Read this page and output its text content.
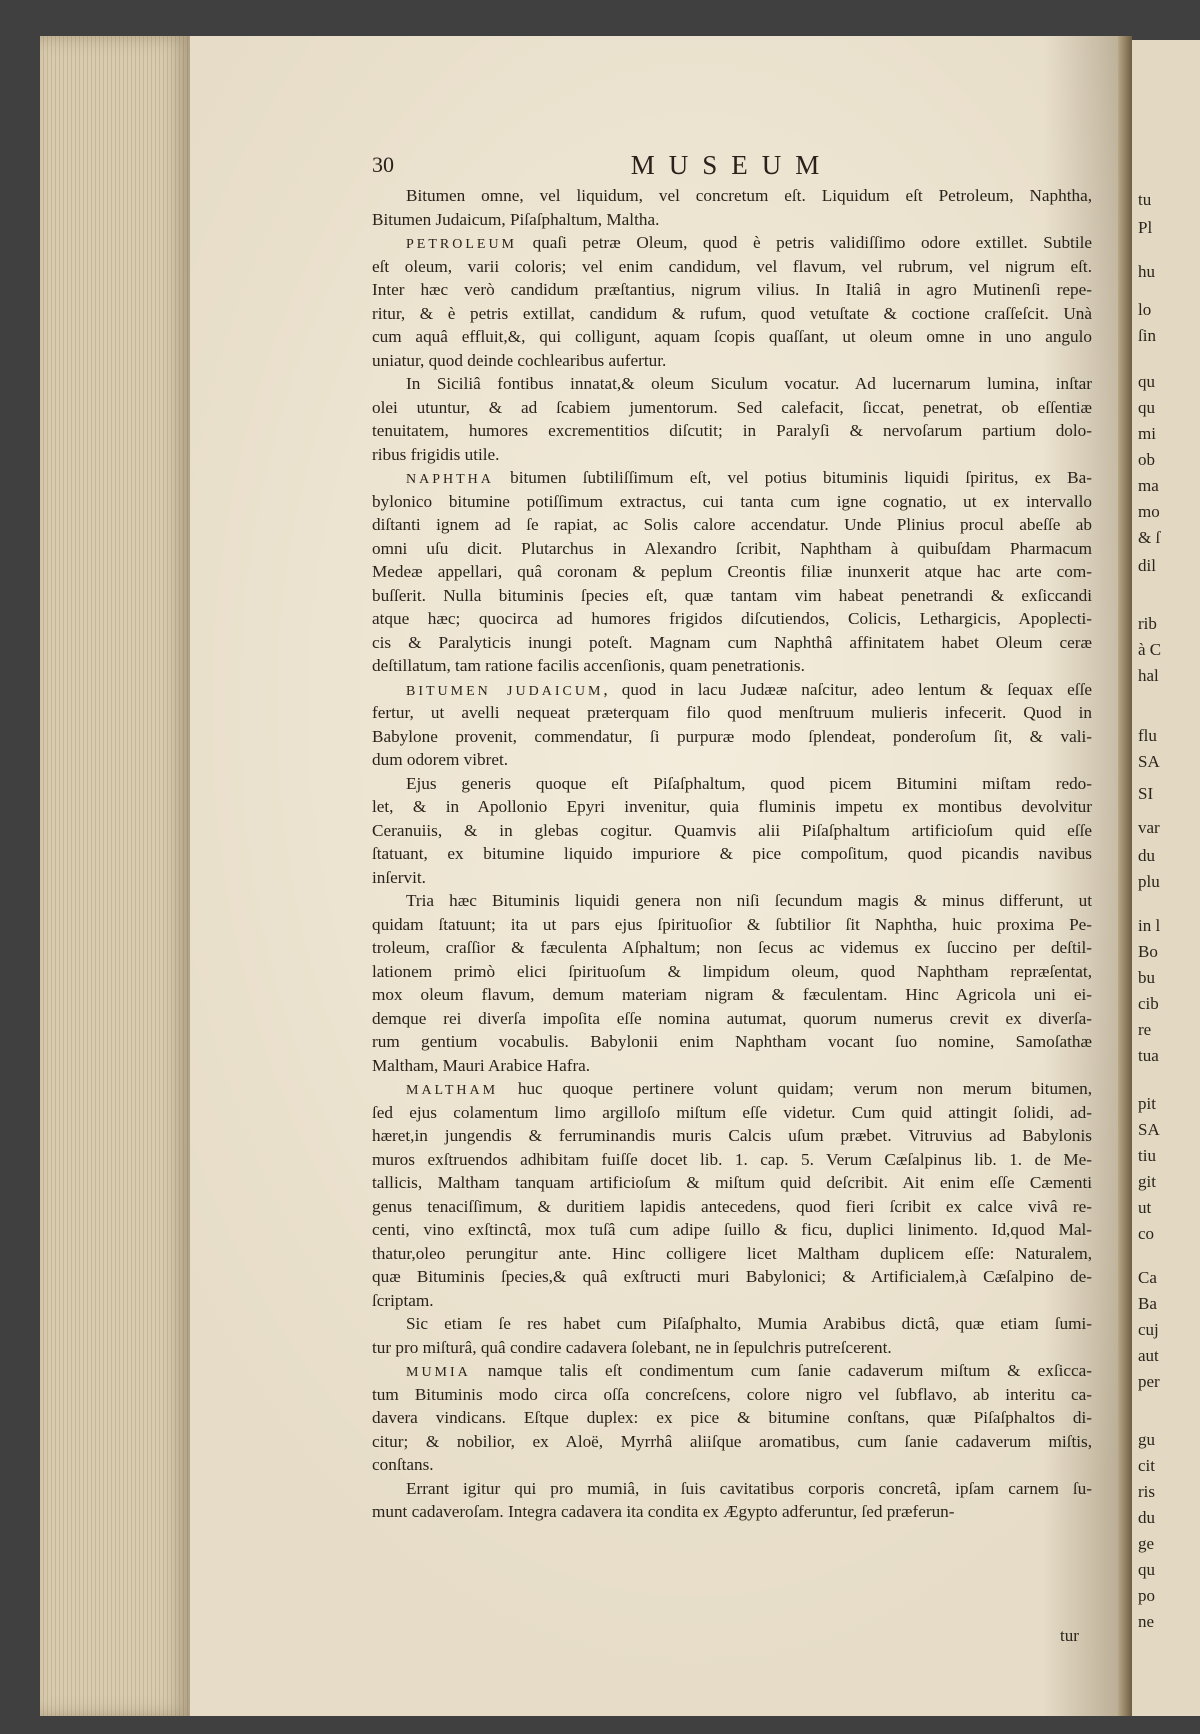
tu
Pl
hu
lo
ſin
qu
qu
mi
ob
ma
mo
& ſ
dil
rib
à C
hal
flu
SA
SI
var
du
plu
in l
Bo
bu
cib
re
tua
pit
SA
tiu
git
ut
co
Ca
Ba
cuj
aut
per
gu
cit
ris
du
ge
qu
po
ne
30	MUSEUM
Bitumen omne, vel liquidum, vel concretum eſt. Liquidum eſt Petroleum, Naphtha,
Bitumen Judaicum, Piſaſphaltum, Maltha.
PETROLEUM quaſi petræ Oleum, quod è petris validiſſimo odore extillet. Subtile
eſt oleum, varii coloris; vel enim candidum, vel flavum, vel rubrum, vel nigrum eſt.
Inter hæc verò candidum præſtantius, nigrum vilius. In Italiâ in agro Mutinenſi repe-
ritur, & è petris extillat, candidum & rufum, quod vetuſtate & coctione craſſeſcit. Unà
cum aquâ effluit,&, qui colligunt, aquam ſcopis quaſſant, ut oleum omne in uno angulo
uniatur, quod deinde cochlearibus aufertur.
In Siciliâ fontibus innatat,& oleum Siculum vocatur. Ad lucernarum lumina, inſtar
olei utuntur, & ad ſcabiem jumentorum. Sed calefacit, ſiccat, penetrat, ob eſſentiæ
tenuitatem, humores excrementitios diſcutit; in Paralyſi & nervoſarum partium dolo-
ribus frigidis utile.
NAPHTHA bitumen ſubtiliſſimum eſt, vel potius bituminis liquidi ſpiritus, ex Ba-
bylonico bitumine potiſſimum extractus, cui tanta cum igne cognatio, ut ex intervallo
diſtanti ignem ad ſe rapiat, ac Solis calore accendatur. Unde Plinius procul abeſſe ab
omni uſu dicit. Plutarchus in Alexandro ſcribit, Naphtham à quibuſdam Pharmacum
Medeæ appellari, quâ coronam & peplum Creontis filiæ inunxerit atque hac arte com-
buſſerit. Nulla bituminis ſpecies eſt, quæ tantam vim habeat penetrandi & exſiccandi
atque hæc; quocirca ad humores frigidos diſcutiendos, Colicis, Lethargicis, Apoplecti-
cis & Paralyticis inungi poteſt. Magnam cum Naphthâ affinitatem habet Oleum ceræ
deſtillatum, tam ratione facilis accenſionis, quam penetrationis.
BITUMEN JUDAICUM, quod in lacu Judææ naſcitur, adeo lentum & ſequax eſſe
fertur, ut avelli nequeat præterquam filo quod menſtruum mulieris infecerit. Quod in
Babylone provenit, commendatur, ſi purpuræ modo ſplendeat, ponderoſum ſit, & vali-
dum odorem vibret.
Ejus generis quoque eſt Piſaſphaltum, quod picem Bitumini miſtam redo-
let, & in Apollonio Epyri invenitur, quia fluminis impetu ex montibus devolvitur
Ceranuiis, & in glebas cogitur. Quamvis alii Piſaſphaltum artificioſum quid eſſe
ſtatuant, ex bitumine liquido impuriore & pice compoſitum, quod picandis navibus
inſervit.
Tria hæc Bituminis liquidi genera non niſi ſecundum magis & minus differunt, ut
quidam ſtatuunt; ita ut pars ejus ſpirituoſior & ſubtilior ſit Naphtha, huic proxima Pe-
troleum, craſſior & fæculenta Aſphaltum; non ſecus ac videmus ex ſuccino per deſtil-
lationem primò elici ſpirituoſum & limpidum oleum, quod Naphtham repræſentat,
mox oleum flavum, demum materiam nigram & fæculentam. Hinc Agricola uni ei-
demque rei diverſa impoſita eſſe nomina autumat, quorum numerus crevit ex diverſa-
rum gentium vocabulis. Babylonii enim Naphtham vocant ſuo nomine, Samoſathæ
Maltham, Mauri Arabice Hafra.
MALTHAM huc quoque pertinere volunt quidam; verum non merum bitumen,
ſed ejus colamentum limo argilloſo miſtum eſſe videtur. Cum quid attingit ſolidi, ad-
hæret,in jungendis & ferruminandis muris Calcis uſum præbet. Vitruvius ad Babylonis
muros exſtruendos adhibitam fuiſſe docet lib. 1. cap. 5. Verum Cæſalpinus lib. 1. de Me-
tallicis, Maltham tanquam artificioſum & miſtum quid deſcribit. Ait enim eſſe Cæmenti
genus tenaciſſimum, & duritiem lapidis antecedens, quod fieri ſcribit ex calce vivâ re-
centi, vino exſtinctâ, mox tuſâ cum adipe ſuillo & ficu, duplici linimento. Id,quod Mal-
thatur,oleo perungitur ante. Hinc colligere licet Maltham duplicem eſſe: Naturalem,
quæ Bituminis ſpecies,& quâ exſtructi muri Babylonici; & Artificialem,à Cæſalpino de-
ſcriptam.
Sic etiam ſe res habet cum Piſaſphalto, Mumia Arabibus dictâ, quæ etiam ſumi-
tur pro miſturâ, quâ condire cadavera ſolebant, ne in ſepulchris putreſcerent.
MUMIA namque talis eſt condimentum cum ſanie cadaverum miſtum & exſicca-
tum Bituminis modo circa oſſa concreſcens, colore nigro vel ſubflavo, ab interitu ca-
davera vindicans. Eſtque duplex: ex pice & bitumine conſtans, quæ Piſaſphaltos di-
citur; & nobilior, ex Aloë, Myrrhâ aliiſque aromatibus, cum ſanie cadaverum miſtis,
conſtans.
Errant igitur qui pro mumiâ, in ſuis cavitatibus corporis concretâ, ipſam carnem ſu-
munt cadaveroſam. Integra cadavera ita condita ex Ægypto adferuntur, ſed præferun-
tur
